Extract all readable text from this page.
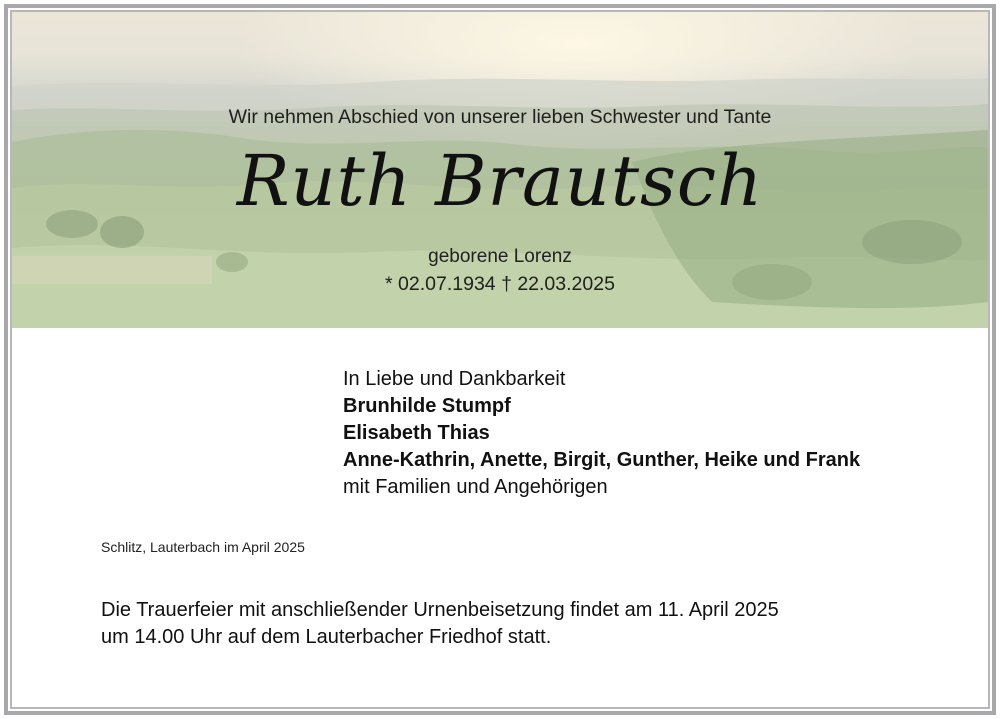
Wir nehmen Abschied von unserer lieben Schwester und Tante
Ruth Brautsch
geborene Lorenz
* 02.07.1934 † 22.03.2025
In Liebe und Dankbarkeit
Brunhilde Stumpf
Elisabeth Thias
Anne-Kathrin, Anette, Birgit, Gunther, Heike und Frank
mit Familien und Angehörigen
Schlitz, Lauterbach im April 2025
Die Trauerfeier mit anschließender Urnenbeisetzung findet am 11. April 2025
um 14.00 Uhr auf dem Lauterbacher Friedhof statt.
